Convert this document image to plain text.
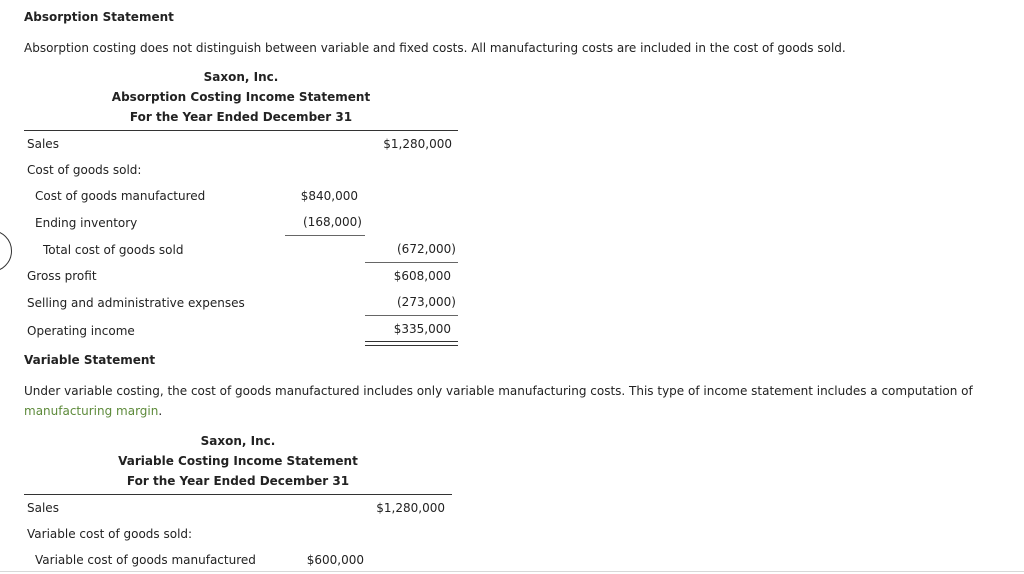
Absorption Statement
Absorption costing does not distinguish between variable and fixed costs. All manufacturing costs are included in the cost of goods sold.
Saxon, Inc.
Absorption Costing Income Statement
For the Year Ended December 31
Sales	$1,280,000
Cost of goods sold:
Cost of goods manufactured	$840,000
Ending inventory	(168,000)
Total cost of goods sold	(672,000)
Gross profit	$608,000
Selling and administrative expenses	(273,000)
Operating income	$335,000
Variable Statement
Under variable costing, the cost of goods manufactured includes only variable manufacturing costs. This type of income statement includes a computation of
manufacturing margin.
Saxon, Inc.
Variable Costing Income Statement
For the Year Ended December 31
Sales	$1,280,000
Variable cost of goods sold:
Variable cost of goods manufactured	$600,000
